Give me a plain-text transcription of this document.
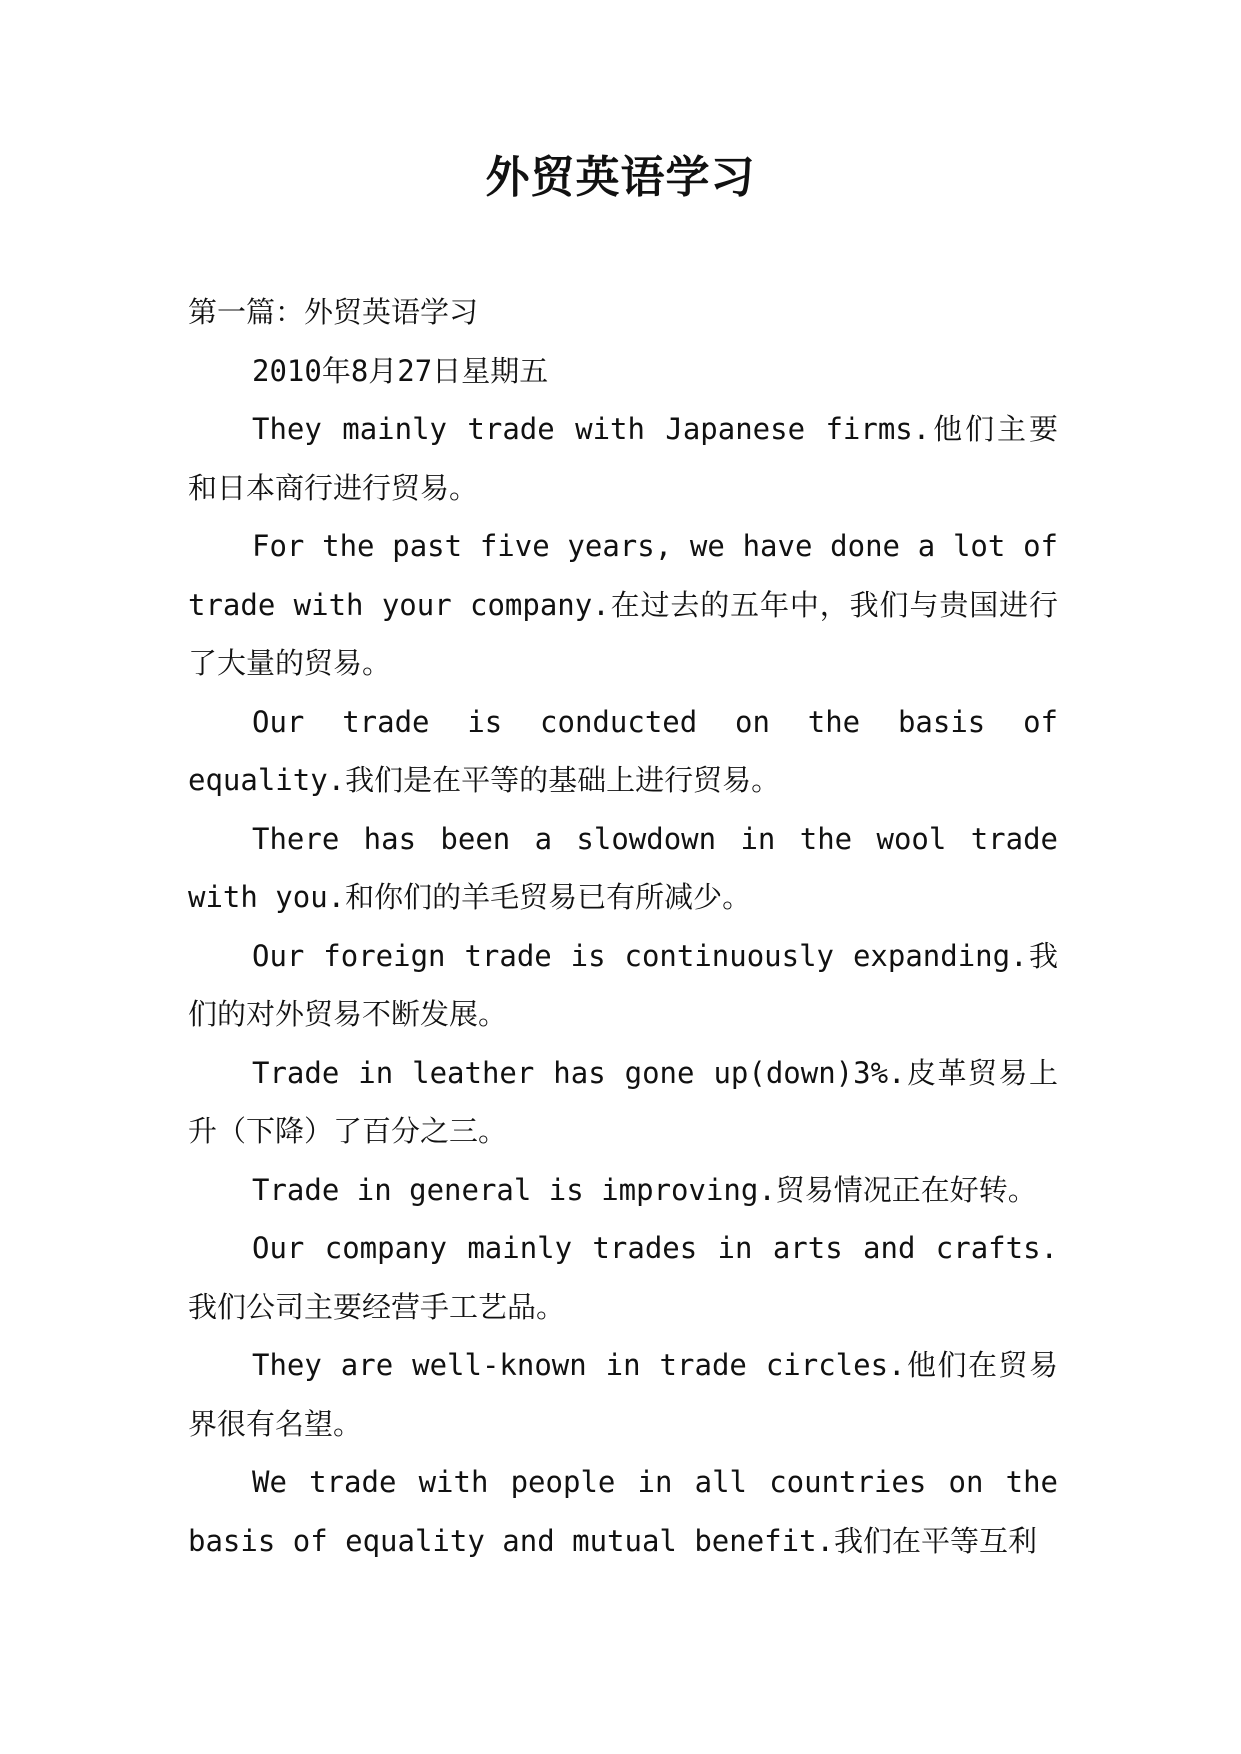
外贸英语学习

第一篇：外贸英语学习

2010年8月27日星期五

They mainly trade with Japanese firms.他们主要和日本商行进行贸易。

For the past five years, we have done a lot of trade with your company.在过去的五年中，我们与贵国进行了大量的贸易。

Our trade is conducted on the basis of equality.我们是在平等的基础上进行贸易。

There has been a slowdown in the wool trade with you.和你们的羊毛贸易已有所减少。

Our foreign trade is continuously expanding.我们的对外贸易不断发展。

Trade in leather has gone up(down)3%.皮革贸易上升（下降）了百分之三。

Trade in general is improving.贸易情况正在好转。

Our company mainly trades in arts and crafts.我们公司主要经营手工艺品。

They are well-known in trade circles.他们在贸易界很有名望。

We trade with people in all countries on the basis of equality and mutual benefit.我们在平等互利
